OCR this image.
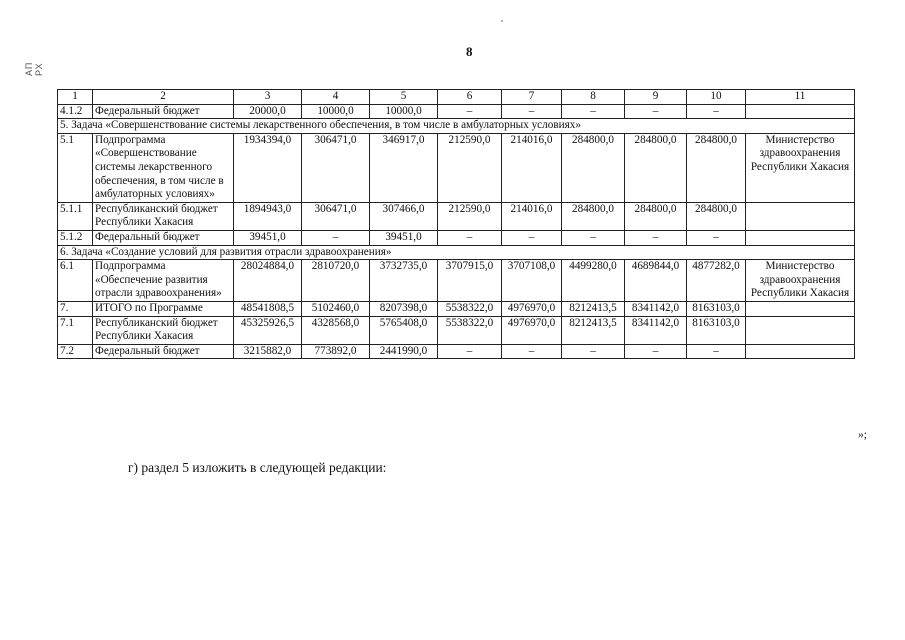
АП РХ
8
1	2	3	4	5	6	7	8	9	10	11
4.1.2	Федеральный бюджет	20000,0	10000,0	10000,0	–	–	–	–	–	
5. Задача «Совершенствование системы лекарственного обеспечения, в том числе в амбулаторных условиях»										
5.1	Подпрограмма «Совершенствование системы лекарственного обеспечения, в том числе в амбулаторных условиях»	1934394,0	306471,0	346917,0	212590,0	214016,0	284800,0	284800,0	284800,0	Министерство здравоохранения Республики Хакасия
5.1.1	Республиканский бюджет Республики Хакасия	1894943,0	306471,0	307466,0	212590,0	214016,0	284800,0	284800,0	284800,0	
5.1.2	Федеральный бюджет	39451,0	–	39451,0	–	–	–	–	–	
6. Задача «Создание условий для развития отрасли здравоохранения»										
6.1	Подпрограмма «Обеспечение развития отрасли здравоохранения»	28024884,0	2810720,0	3732735,0	3707915,0	3707108,0	4499280,0	4689844,0	4877282,0	Министерство здравоохранения Республики Хакасия
7.	ИТОГО по Программе	48541808,5	5102460,0	8207398,0	5538322,0	4976970,0	8212413,5	8341142,0	8163103,0	
7.1	Республиканский бюджет Республики Хакасия	45325926,5	4328568,0	5765408,0	5538322,0	4976970,0	8212413,5	8341142,0	8163103,0	
7.2	Федеральный бюджет	3215882,0	773892,0	2441990,0	–	–	–	–	–	
»;
г) раздел 5 изложить в следующей редакции:
